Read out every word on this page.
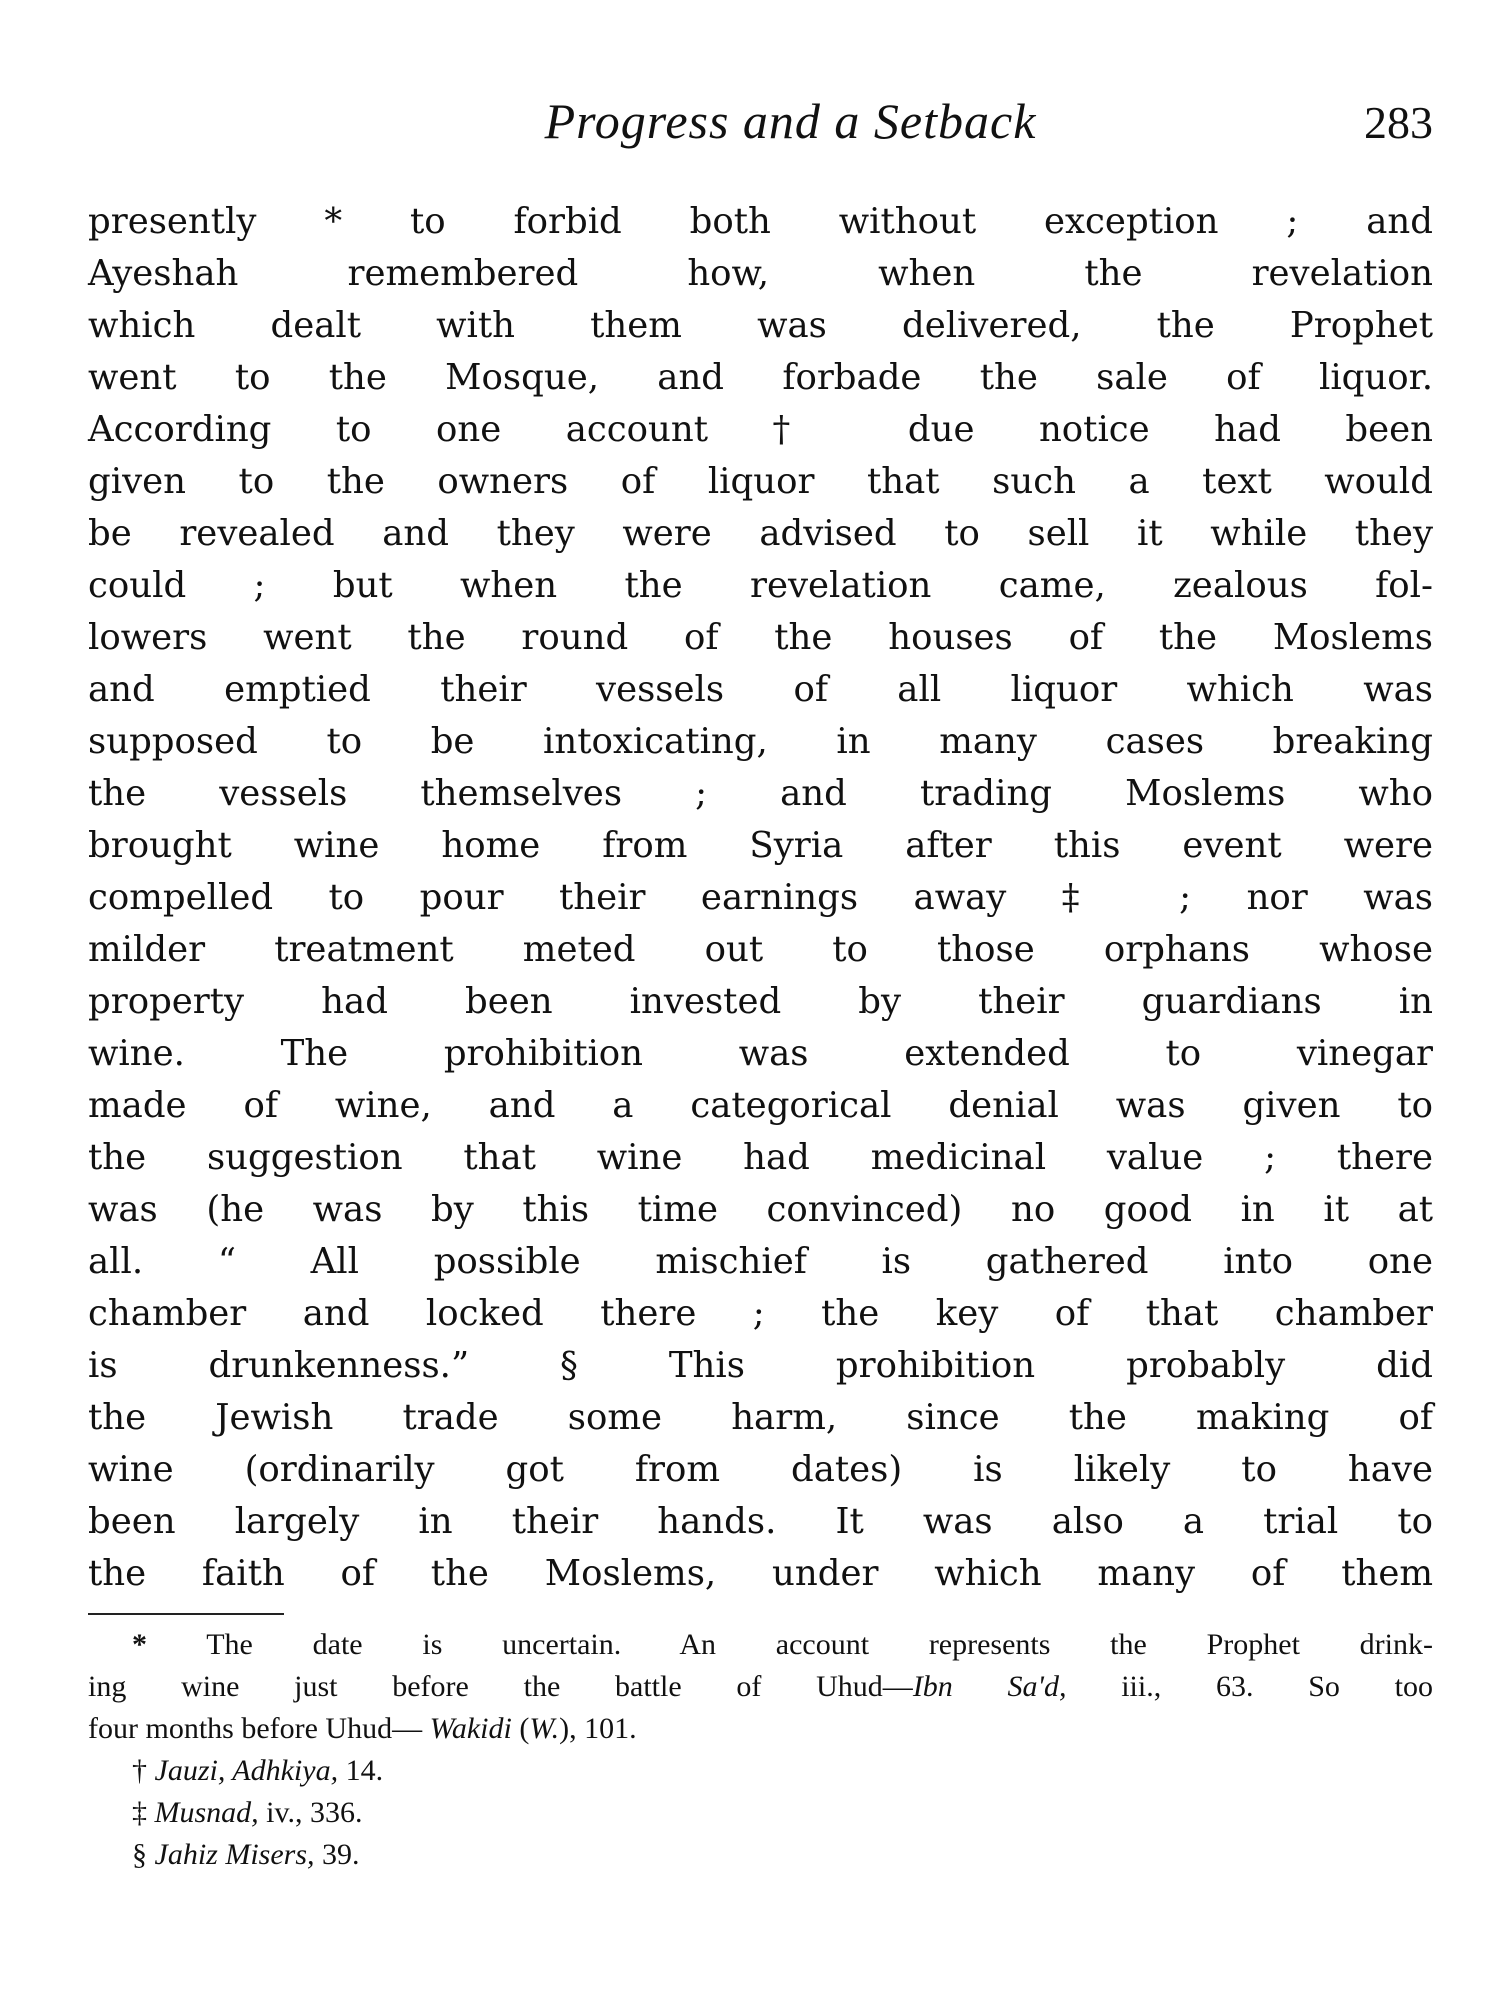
Progress and a Setback	283
presently * to forbid both without exception ; and
Ayeshah remembered how, when the revelation
which dealt with them was delivered, the Prophet
went to the Mosque, and forbade the sale of liquor.
According to one account † due notice had been
given to the owners of liquor that such a text would
be revealed and they were advised to sell it while they
could ; but when the revelation came, zealous fol-
lowers went the round of the houses of the Moslems
and emptied their vessels of all liquor which was
supposed to be intoxicating, in many cases breaking
the vessels themselves ; and trading Moslems who
brought wine home from Syria after this event were
compelled to pour their earnings away ‡ ; nor was
milder treatment meted out to those orphans whose
property had been invested by their guardians in
wine. The prohibition was extended to vinegar
made of wine, and a categorical denial was given to
the suggestion that wine had medicinal value ; there
was (he was by this time convinced) no good in it at
all. “ All possible mischief is gathered into one
chamber and locked there ; the key of that chamber
is drunkenness.” § This prohibition probably did
the Jewish trade some harm, since the making of
wine (ordinarily got from dates) is likely to have
been largely in their hands. It was also a trial to
the faith of the Moslems, under which many of them
* The date is uncertain. An account represents the Prophet drink-
ing wine just before the battle of Uhud—Ibn Sa'd, iii., 63. So too
four months before Uhud— Wakidi (W.), 101.
† Jauzi, Adhkiya, 14.
‡ Musnad, iv., 336.
§ Jahiz Misers, 39.
